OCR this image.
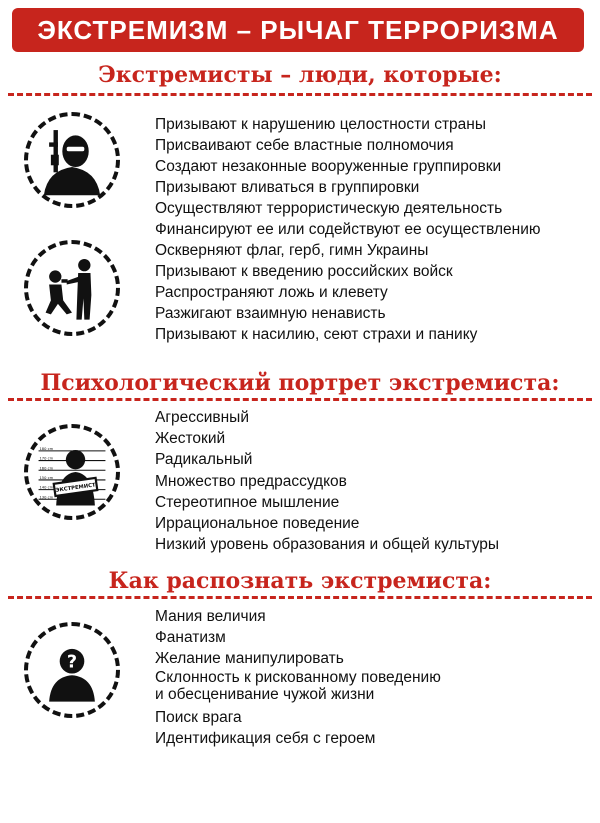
ЭКСТРЕМИЗМ – РЫЧАГ ТЕРРОРИЗМА
Экстремисты – люди, которые:
Призывают к нарушению целостности страны
Присваивают себе властные полномочия
Создают незаконные вооруженные группировки
Призывают вливаться в группировки
Осуществляют террористическую деятельность
Финансируют ее или содействуют ее осуществлению
Оскверняют флаг, герб, гимн Украины
Призывают к введению российских войск
Распространяют ложь и клевету
Разжигают взаимную ненависть
Призывают к насилию, сеют страхи и панику
Психологический портрет экстремиста:
180 cm
170 cm
160 cm
150 cm
140 cm
130 cm
ЭКСТРЕМИСТ
Агрессивный
Жестокий
Радикальный
Множество предрассудков
Стереотипное мышление
Иррациональное поведение
Низкий уровень образования и общей культуры
Как распознать экстремиста:
?
Мания величия
Фанатизм
Желание манипулировать
Склонность к рискованному поведению
и обесценивание чужой жизни
Поиск врага
Идентификация себя с героем
